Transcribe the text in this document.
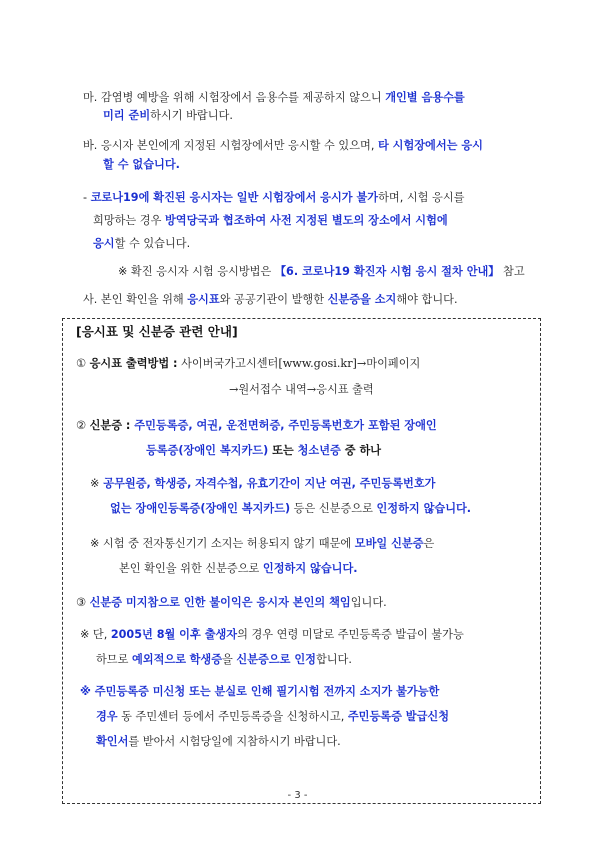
마. 감염병 예방을 위해 시험장에서 음용수를 제공하지 않으니 개인별 음용수를
미리 준비하시기 바랍니다.
바. 응시자 본인에게 지정된 시험장에서만 응시할 수 있으며, 타 시험장에서는 응시
할 수 없습니다.
- 코로나19에 확진된 응시자는 일반 시험장에서 응시가 불가하며, 시험 응시를
희망하는 경우 방역당국과 협조하여 사전 지정된 별도의 장소에서 시험에
응시할 수 있습니다.
※ 확진 응시자 시험 응시방법은 【6. 코로나19 확진자 시험 응시 절차 안내】 참고
사. 본인 확인을 위해 응시표와 공공기관이 발행한 신분증을 소지해야 합니다.
[응시표 및 신분증 관련 안내]
① 응시표 출력방법 : 사이버국가고시센터[www.gosi.kr]→마이페이지
→원서접수 내역→응시표 출력
② 신분증 : 주민등록증, 여권, 운전면허증, 주민등록번호가 포함된 장애인
등록증(장애인 복지카드) 또는 청소년증 중 하나
※ 공무원증, 학생증, 자격수첩, 유효기간이 지난 여권, 주민등록번호가
없는 장애인등록증(장애인 복지카드) 등은 신분증으로 인정하지 않습니다.
※ 시험 중 전자통신기기 소지는 허용되지 않기 때문에 모바일 신분증은
본인 확인을 위한 신분증으로 인정하지 않습니다.
③ 신분증 미지참으로 인한 불이익은 응시자 본인의 책임입니다.
※ 단, 2005년 8월 이후 출생자의 경우 연령 미달로 주민등록증 발급이 불가능
하므로 예외적으로 학생증을 신분증으로 인정합니다.
※ 주민등록증 미신청 또는 분실로 인해 필기시험 전까지 소지가 불가능한
경우 동 주민센터 등에서 주민등록증을 신청하시고, 주민등록증 발급신청
확인서를 받아서 시험당일에 지참하시기 바랍니다.
- 3 -
